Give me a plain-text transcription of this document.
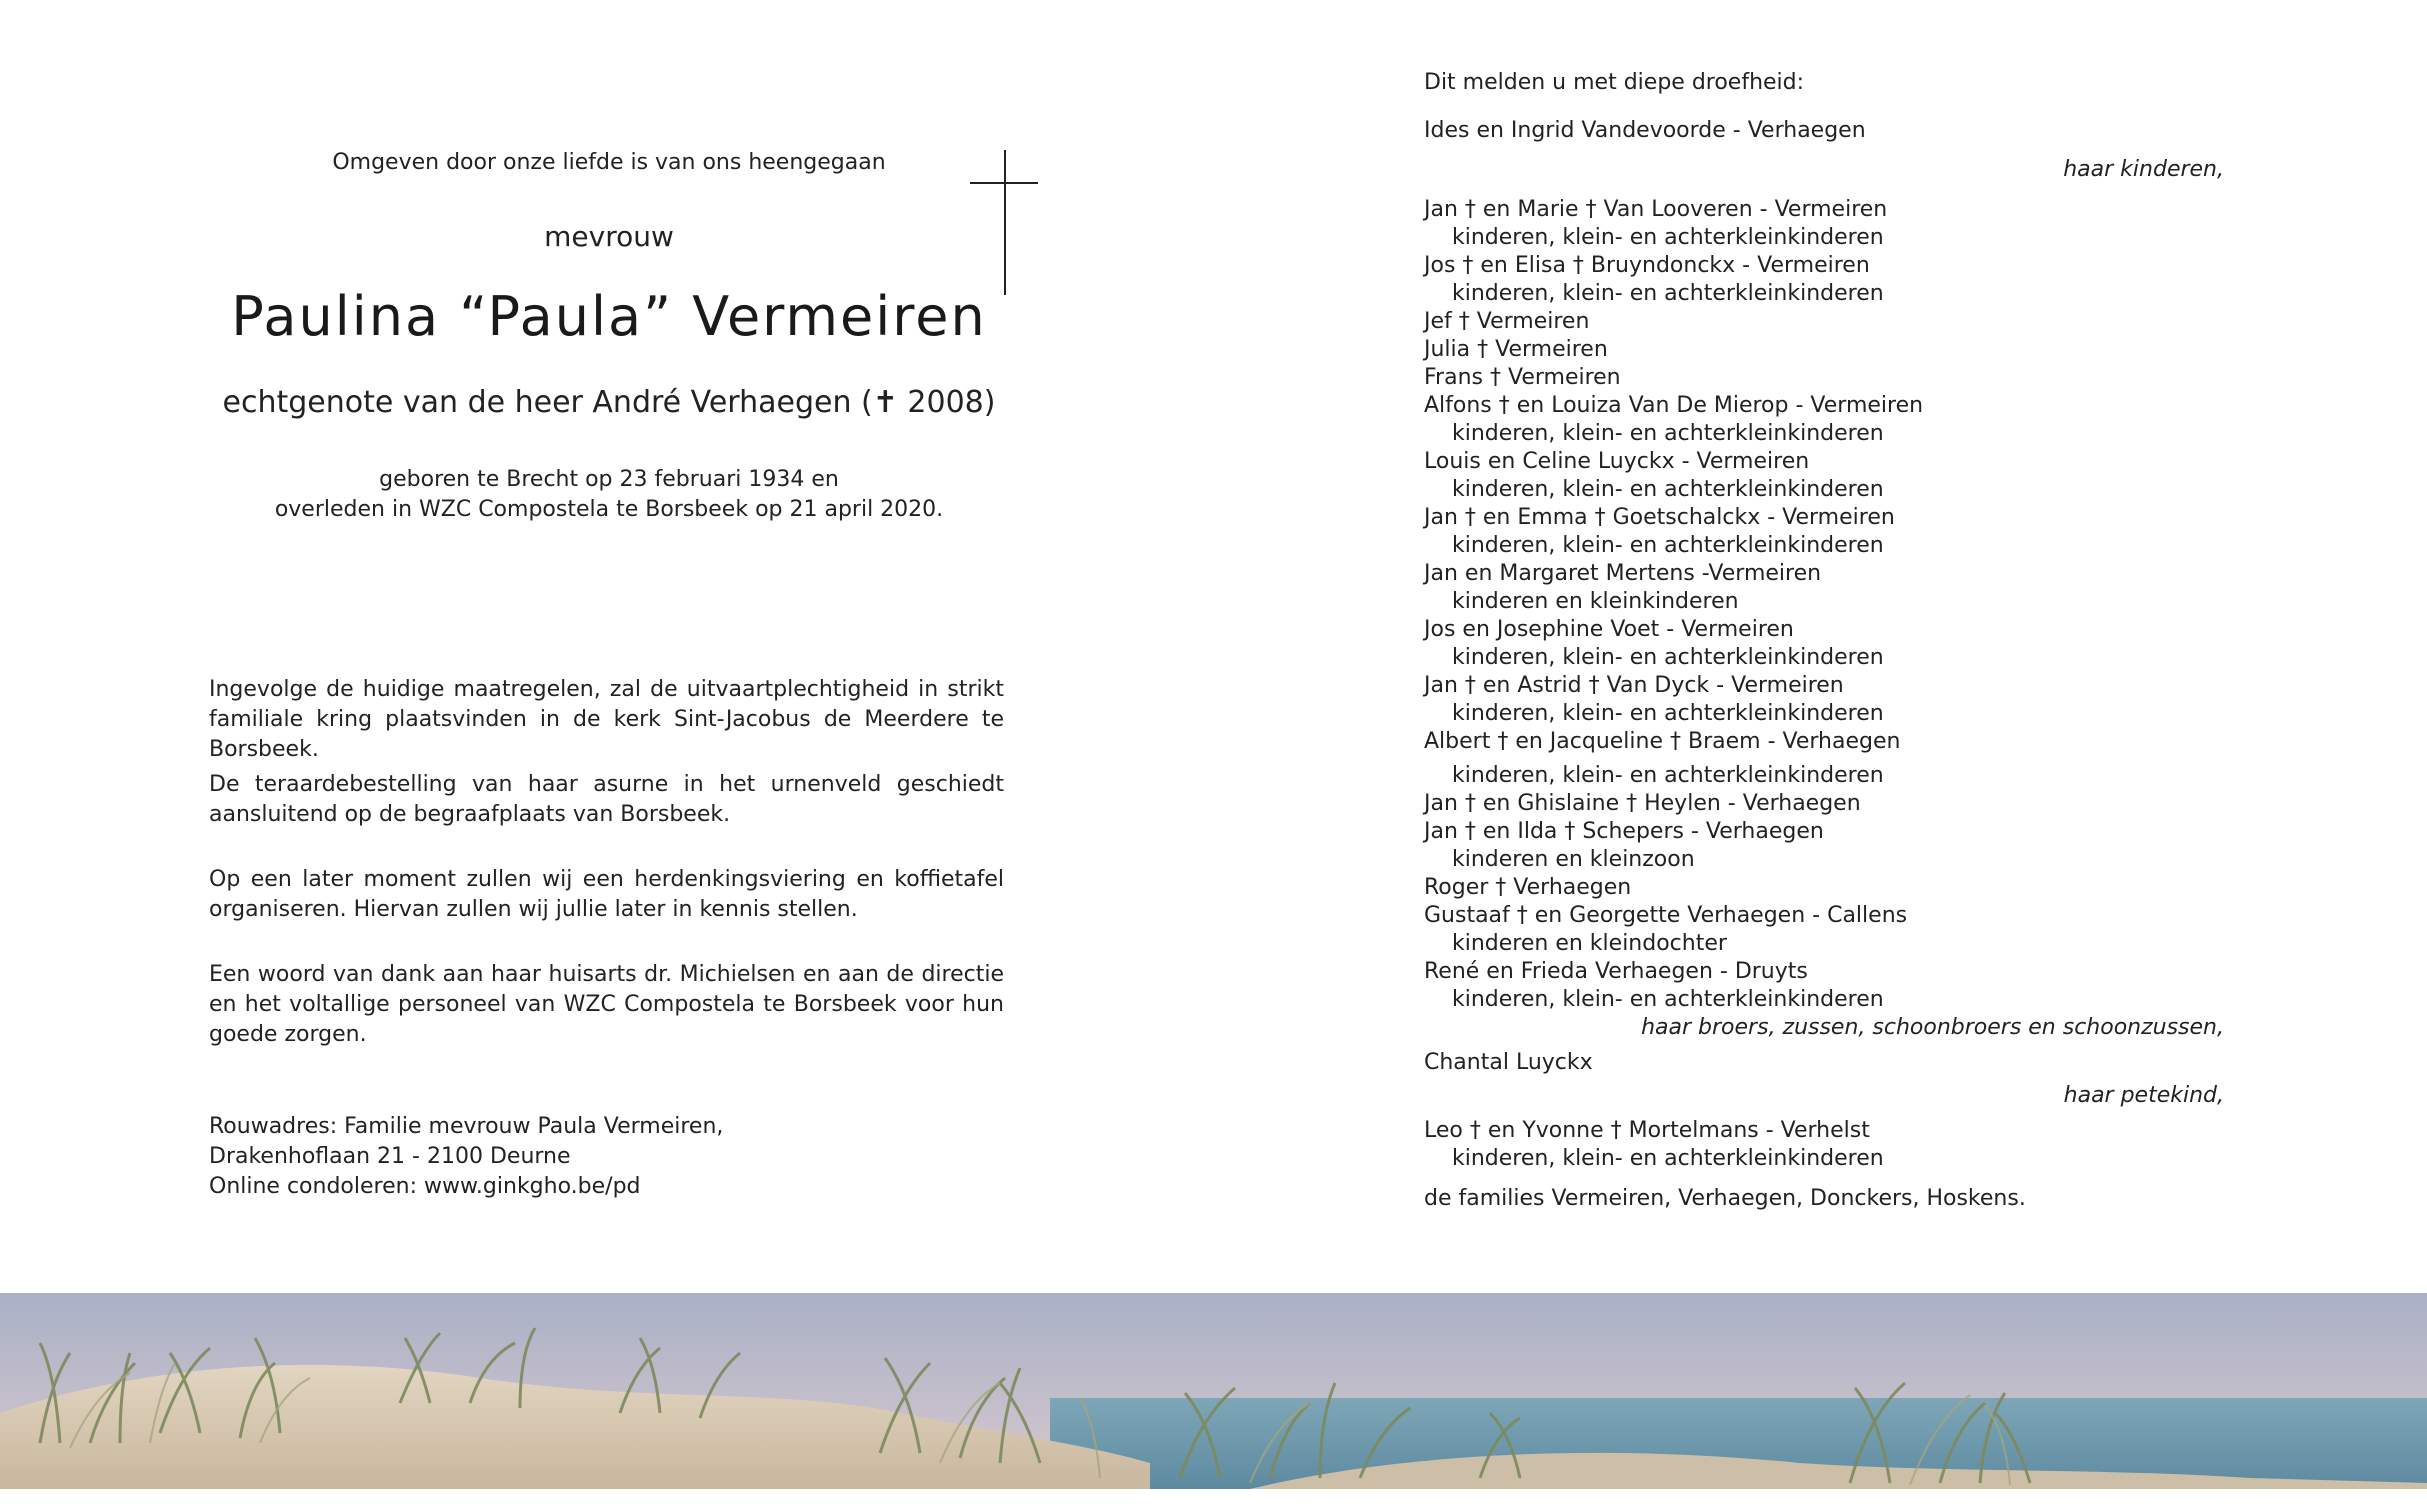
Omgeven door onze liefde is van ons heengegaan
mevrouw
Paulina “Paula” Vermeiren
echtgenote van de heer André Verhaegen (✝ 2008)
geboren te Brecht op 23 februari 1934 en
overleden in WZC Compostela te Borsbeek op 21 april 2020.
Ingevolge de huidige maatregelen, zal de uitvaartplechtigheid in strikt familiale kring plaatsvinden in de kerk Sint-Jacobus de Meerdere te Borsbeek.
De teraardebestelling van haar asurne in het urnenveld geschiedt aansluitend op de begraafplaats van Borsbeek.
Op een later moment zullen wij een herdenkingsviering en koffietafel organiseren. Hiervan zullen wij jullie later in kennis stellen.
Een woord van dank aan haar huisarts dr. Michielsen en aan de directie en het voltallige personeel van WZC Compostela te Borsbeek voor hun goede zorgen.
Rouwadres: Familie mevrouw Paula Vermeiren,
Drakenhoflaan 21 - 2100 Deurne
Online condoleren: www.ginkgho.be/pd
Dit melden u met diepe droefheid:
Ides en Ingrid Vandevoorde - Verhaegen
haar kinderen,
Jan † en Marie † Van Looveren - Vermeiren
kinderen, klein- en achterkleinkinderen
Jos † en Elisa † Bruyndonckx - Vermeiren
kinderen, klein- en achterkleinkinderen
Jef † Vermeiren
Julia † Vermeiren
Frans † Vermeiren
Alfons † en Louiza Van De Mierop - Vermeiren
kinderen, klein- en achterkleinkinderen
Louis en Celine Luyckx - Vermeiren
kinderen, klein- en achterkleinkinderen
Jan † en Emma † Goetschalckx - Vermeiren
kinderen, klein- en achterkleinkinderen
Jan en Margaret Mertens -Vermeiren
kinderen en kleinkinderen
Jos en Josephine Voet - Vermeiren
kinderen, klein- en achterkleinkinderen
Jan † en Astrid † Van Dyck - Vermeiren
kinderen, klein- en achterkleinkinderen
Albert † en Jacqueline † Braem - Verhaegen
kinderen, klein- en achterkleinkinderen
Jan † en Ghislaine † Heylen - Verhaegen
Jan † en Ilda † Schepers - Verhaegen
kinderen en kleinzoon
Roger † Verhaegen
Gustaaf † en Georgette Verhaegen - Callens
kinderen en kleindochter
René en Frieda Verhaegen - Druyts
kinderen, klein- en achterkleinkinderen
haar broers, zussen, schoonbroers en schoonzussen,
Chantal Luyckx
haar petekind,
Leo † en Yvonne † Mortelmans - Verhelst
kinderen, klein- en achterkleinkinderen
de families Vermeiren, Verhaegen, Donckers, Hoskens.
